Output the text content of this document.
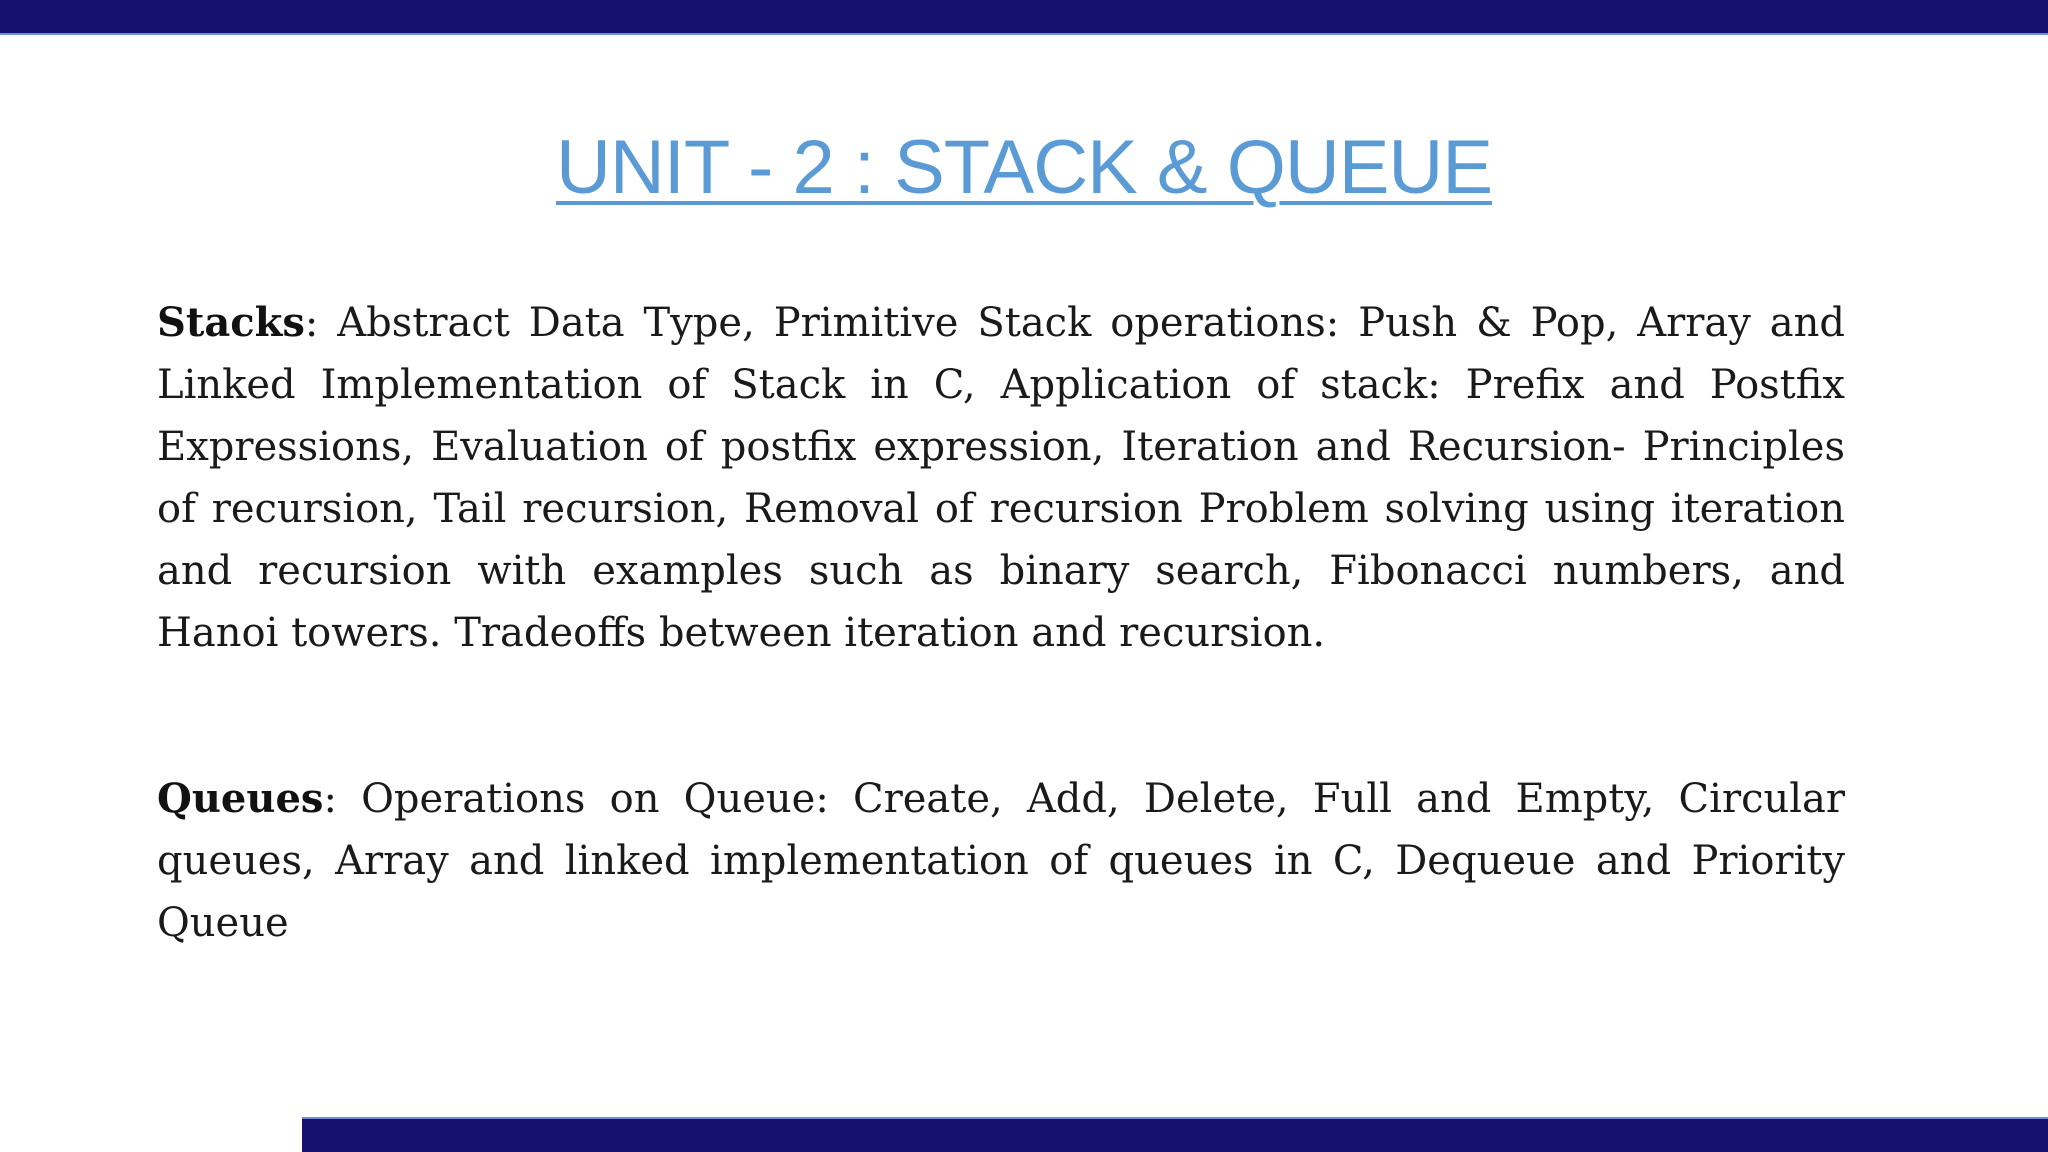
UNIT - 2 : STACK & QUEUE
Stacks: Abstract Data Type, Primitive Stack operations: Push & Pop, Array and Linked Implementation of Stack in C, Application of stack: Prefix and Postfix Expressions, Evaluation of postfix expression, Iteration and Recursion- Principles of recursion, Tail recursion, Removal of recursion Problem solving using iteration and recursion with examples such as binary search, Fibonacci numbers, and Hanoi towers. Tradeoffs between iteration and recursion.
Queues: Operations on Queue: Create, Add, Delete, Full and Empty, Circular queues, Array and linked implementation of queues in C, Dequeue and Priority Queue
